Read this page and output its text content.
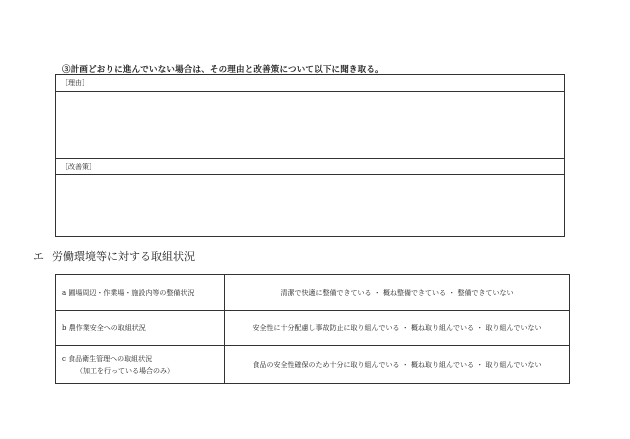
③計画どおりに進んでいない場合は、その理由と改善策について以下に聞き取る。
［理由］
［改善策］
エ 労働環境等に対する取組状況
a 圃場周辺・作業場・施設内等の整備状況	清潔で快適に整備できている ・ 概ね整備できている ・ 整備できていない
b 農作業安全への取組状況	安全性に十分配慮し事故防止に取り組んでいる ・ 概ね取り組んでいる ・ 取り組んでいない
c 食品衛生管理への取組状況
（加工を行っている場合のみ）	食品の安全性確保のため十分に取り組んでいる ・ 概ね取り組んでいる ・ 取り組んでいない
